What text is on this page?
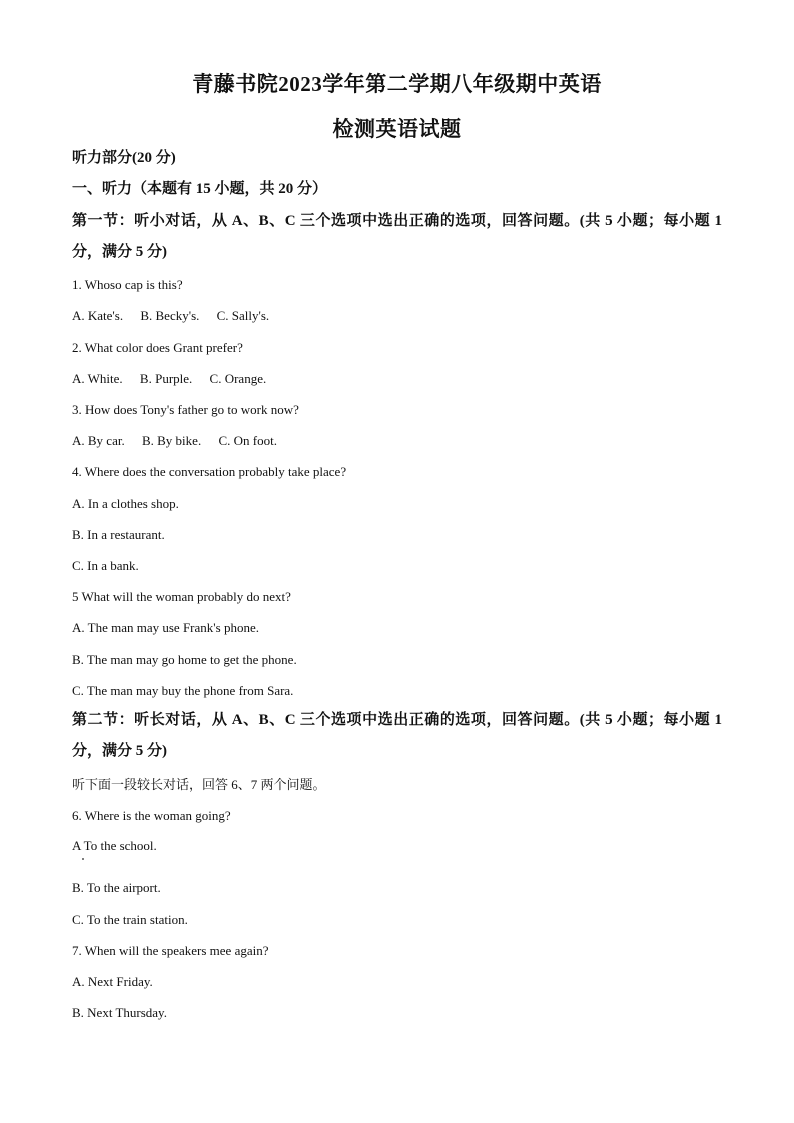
青藤书院2023学年第二学期八年级期中英语
检测英语试题
听力部分(20 分)
一、听力（本题有 15 小题，共 20 分）
第一节：听小对话，从 A、B、C 三个选项中选出正确的选项，回答问题。(共 5 小题；每小题 1 分，满分 5 分)
1. Whoso cap is this?
A. Kate's. B. Becky's. C. Sally's.
2. What color does Grant prefer?
A. White. B. Purple. C. Orange.
3. How does Tony's father go to work now?
A. By car. B. By bike. C. On foot.
4. Where does the conversation probably take place?
A. In a clothes shop.
B. In a restaurant.
C. In a bank.
5 What will the woman probably do next?
A. The man may use Frank's phone.
B. The man may go home to get the phone.
C. The man may buy the phone from Sara.
第二节：听长对话，从 A、B、C 三个选项中选出正确的选项，回答问题。(共 5 小题；每小题 1 分，满分 5 分)
听下面一段较长对话，回答 6、7 两个问题。
6. Where is the woman going?
A To the school.
B. To the airport.
C. To the train station.
7. When will the speakers mee again?
A. Next Friday.
B. Next Thursday.
